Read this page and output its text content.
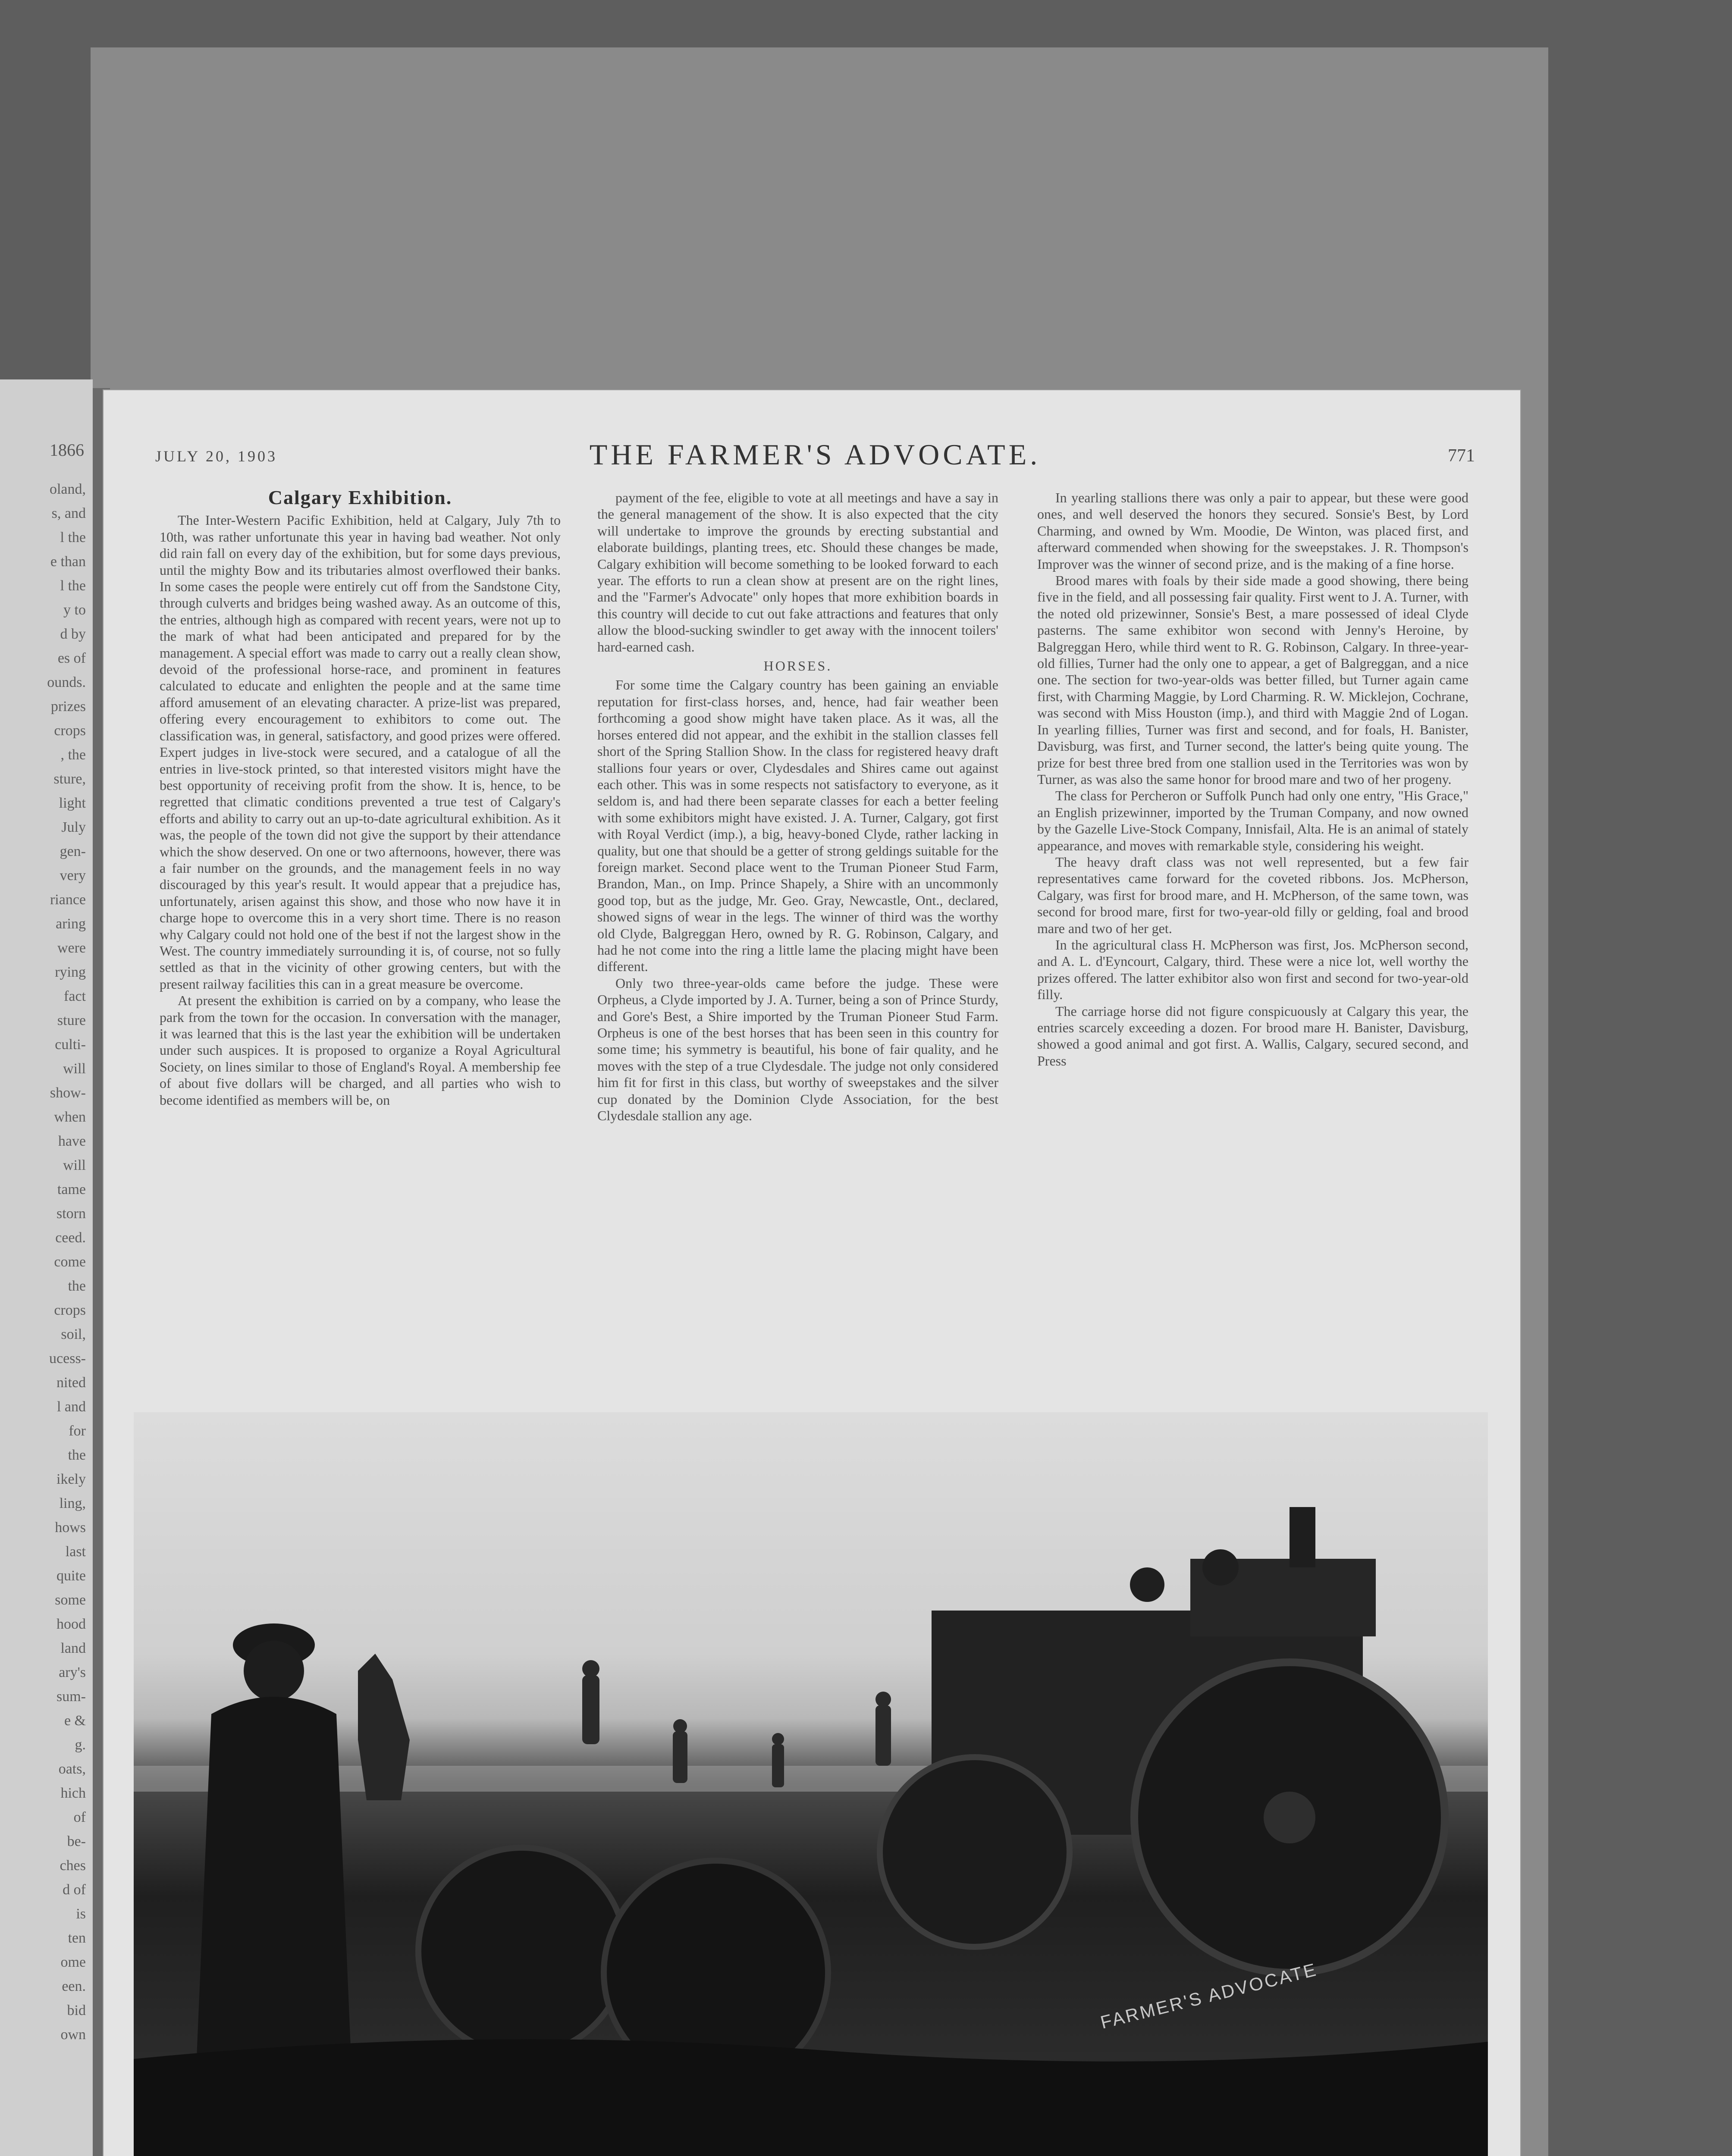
1866
oland,
s, and
l the
e than
l the
y to
d by
es of
ounds.
prizes
crops
, the
sture,
light
July
gen-
very
riance
aring
were
rying
fact
sture
culti-
will
show-
when
have
will
tame
storn
ceed.
come
the
crops
soil,
ucess-
nited
l and
for
the
ikely
ling,
hows
last
quite
some
hood
land
ary's
sum-
e &
g.
oats,
hich
of
be-
ches
d of
is
ten
ome
een.
bid
own
JULY 20, 1903	THE FARMER'S ADVOCATE.	771
Calgary Exhibition.

The Inter-Western Pacific Exhibition, held at Calgary, July 7th to 10th, was rather unfortunate this year in having bad weather. Not only did rain fall on every day of the exhibition, but for some days previous, until the mighty Bow and its tributaries almost overflowed their banks. In some cases the people were entirely cut off from the Sandstone City, through culverts and bridges being washed away. As an outcome of this, the entries, although high as compared with recent years, were not up to the mark of what had been anticipated and prepared for by the management. A special effort was made to carry out a really clean show, devoid of the professional horse-race, and prominent in features calculated to educate and enlighten the people and at the same time afford amusement of an elevating character. A prize-list was prepared, offering every encouragement to exhibitors to come out. The classification was, in general, satisfactory, and good prizes were offered. Expert judges in live-stock were secured, and a catalogue of all the entries in live-stock printed, so that interested visitors might have the best opportunity of receiving profit from the show. It is, hence, to be regretted that climatic conditions prevented a true test of Calgary's efforts and ability to carry out an up-to-date agricultural exhibition. As it was, the people of the town did not give the support by their attendance which the show deserved. On one or two afternoons, however, there was a fair number on the grounds, and the management feels in no way discouraged by this year's result. It would appear that a prejudice has, unfortunately, arisen against this show, and those who now have it in charge hope to overcome this in a very short time. There is no reason why Calgary could not hold one of the best if not the largest show in the West. The country immediately surrounding it is, of course, not so fully settled as that in the vicinity of other growing centers, but with the present railway facilities this can in a great measure be overcome.

At present the exhibition is carried on by a company, who lease the park from the town for the occasion. In conversation with the manager, it was learned that this is the last year the exhibition will be undertaken under such auspices. It is proposed to organize a Royal Agricultural Society, on lines similar to those of England's Royal. A membership fee of about five dollars will be charged, and all parties who wish to become identified as members will be, on

payment of the fee, eligible to vote at all meetings and have a say in the general management of the show. It is also expected that the city will undertake to improve the grounds by erecting substantial and elaborate buildings, planting trees, etc. Should these changes be made, Calgary exhibition will become something to be looked forward to each year. The efforts to run a clean show at present are on the right lines, and the "Farmer's Advocate" only hopes that more exhibition boards in this country will decide to cut out fake attractions and features that only allow the blood-sucking swindler to get away with the innocent toilers' hard-earned cash.

HORSES.

For some time the Calgary country has been gaining an enviable reputation for first-class horses, and, hence, had fair weather been forthcoming a good show might have taken place. As it was, all the horses entered did not appear, and the exhibit in the stallion classes fell short of the Spring Stallion Show. In the class for registered heavy draft stallions four years or over, Clydesdales and Shires came out against each other. This was in some respects not satisfactory to everyone, as it seldom is, and had there been separate classes for each a better feeling with some exhibitors might have existed. J. A. Turner, Calgary, got first with Royal Verdict (imp.), a big, heavy-boned Clyde, rather lacking in quality, but one that should be a getter of strong geldings suitable for the foreign market. Second place went to the Truman Pioneer Stud Farm, Brandon, Man., on Imp. Prince Shapely, a Shire with an uncommonly good top, but as the judge, Mr. Geo. Gray, Newcastle, Ont., declared, showed signs of wear in the legs. The winner of third was the worthy old Clyde, Balgreggan Hero, owned by R. G. Robinson, Calgary, and had he not come into the ring a little lame the placing might have been different.

Only two three-year-olds came before the judge. These were Orpheus, a Clyde imported by J. A. Turner, being a son of Prince Sturdy, and Gore's Best, a Shire imported by the Truman Pioneer Stud Farm. Orpheus is one of the best horses that has been seen in this country for some time; his symmetry is beautiful, his bone of fair quality, and he moves with the step of a true Clydesdale. The judge not only considered him fit for first in this class, but worthy of sweepstakes and the silver cup donated by the Dominion Clyde Association, for the best Clydesdale stallion any age.

In yearling stallions there was only a pair to appear, but these were good ones, and well deserved the honors they secured. Sonsie's Best, by Lord Charming, and owned by Wm. Moodie, De Winton, was placed first, and afterward commended when showing for the sweepstakes. J. R. Thompson's Improver was the winner of second prize, and is the making of a fine horse.

Brood mares with foals by their side made a good showing, there being five in the field, and all possessing fair quality. First went to J. A. Turner, with the noted old prizewinner, Sonsie's Best, a mare possessed of ideal Clyde pasterns. The same exhibitor won second with Jenny's Heroine, by Balgreggan Hero, while third went to R. G. Robinson, Calgary. In three-year-old fillies, Turner had the only one to appear, a get of Balgreggan, and a nice one. The section for two-year-olds was better filled, but Turner again came first, with Charming Maggie, by Lord Charming. R. W. Micklejon, Cochrane, was second with Miss Houston (imp.), and third with Maggie 2nd of Logan. In yearling fillies, Turner was first and second, and for foals, H. Banister, Davisburg, was first, and Turner second, the latter's being quite young. The prize for best three bred from one stallion used in the Territories was won by Turner, as was also the same honor for brood mare and two of her progeny.

The class for Percheron or Suffolk Punch had only one entry, "His Grace," an English prizewinner, imported by the Truman Company, and now owned by the Gazelle Live-Stock Company, Innisfail, Alta. He is an animal of stately appearance, and moves with remarkable style, considering his weight.

The heavy draft class was not well represented, but a few fair representatives came forward for the coveted ribbons. Jos. McPherson, Calgary, was first for brood mare, and H. McPherson, of the same town, was second for brood mare, first for two-year-old filly or gelding, foal and brood mare and two of her get.

In the agricultural class H. McPherson was first, Jos. McPherson second, and A. L. d'Eyncourt, Calgary, third. These were a nice lot, well worthy the prizes offered. The latter exhibitor also won first and second for two-year-old filly.

The carriage horse did not figure conspicuously at Calgary this year, the entries scarcely exceeding a dozen. For brood mare H. Banister, Davisburg, showed a good animal and got first. A. Wallis, Calgary, secured second, and Press

FARMER'S ADVOCATE
